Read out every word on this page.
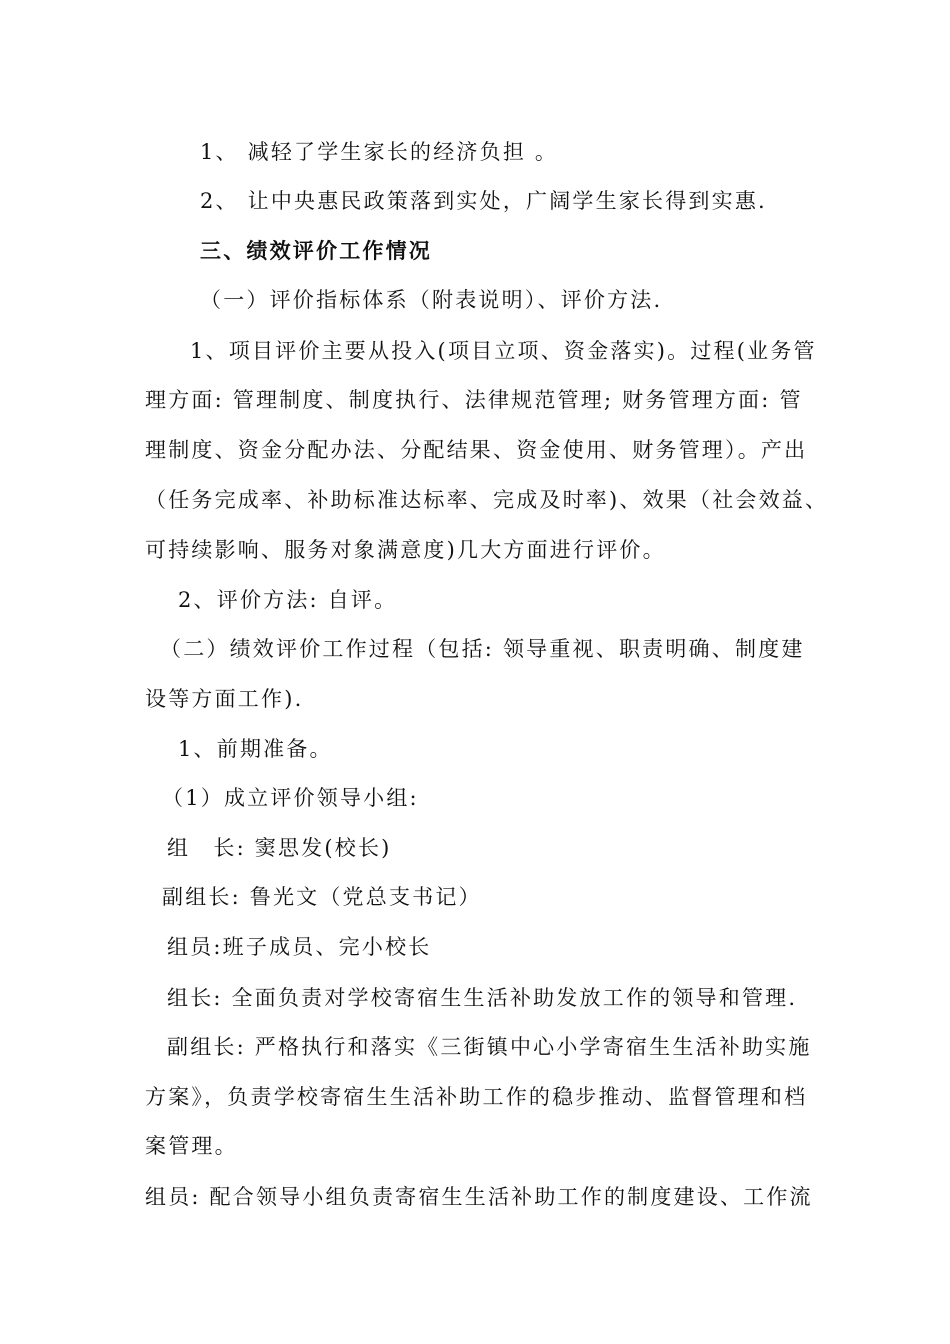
1、 减轻了学生家长的经济负担 。
2、 让中央惠民政策落到实处，广阔学生家长得到实惠.
三、绩效评价工作情况
（一）评价指标体系（附表说明）、评价方法.
1、项目评价主要从投入(项目立项、资金落实)。过程(业务管
理方面: 管理制度、制度执行、法律规范管理; 财务管理方面: 管
理制度、资金分配办法、分配结果、资金使用、财务管理）。产出
（任务完成率、补助标准达标率、完成及时率)、效果（社会效益、
可持续影响、服务对象满意度)几大方面进行评价。
2、评价方法: 自评。
（二）绩效评价工作过程（包括: 领导重视、职责明确、制度建
设等方面工作).
1、前期准备。
（1）成立评价领导小组:
组　长: 窦思发(校长)
副组长: 鲁光文（党总支书记）
组员:班子成员、完小校长
组长: 全面负责对学校寄宿生生活补助发放工作的领导和管理.
副组长: 严格执行和落实《三街镇中心小学寄宿生生活补助实施
方案》，负责学校寄宿生生活补助工作的稳步推动、监督管理和档
案管理。
组员: 配合领导小组负责寄宿生生活补助工作的制度建设、工作流
